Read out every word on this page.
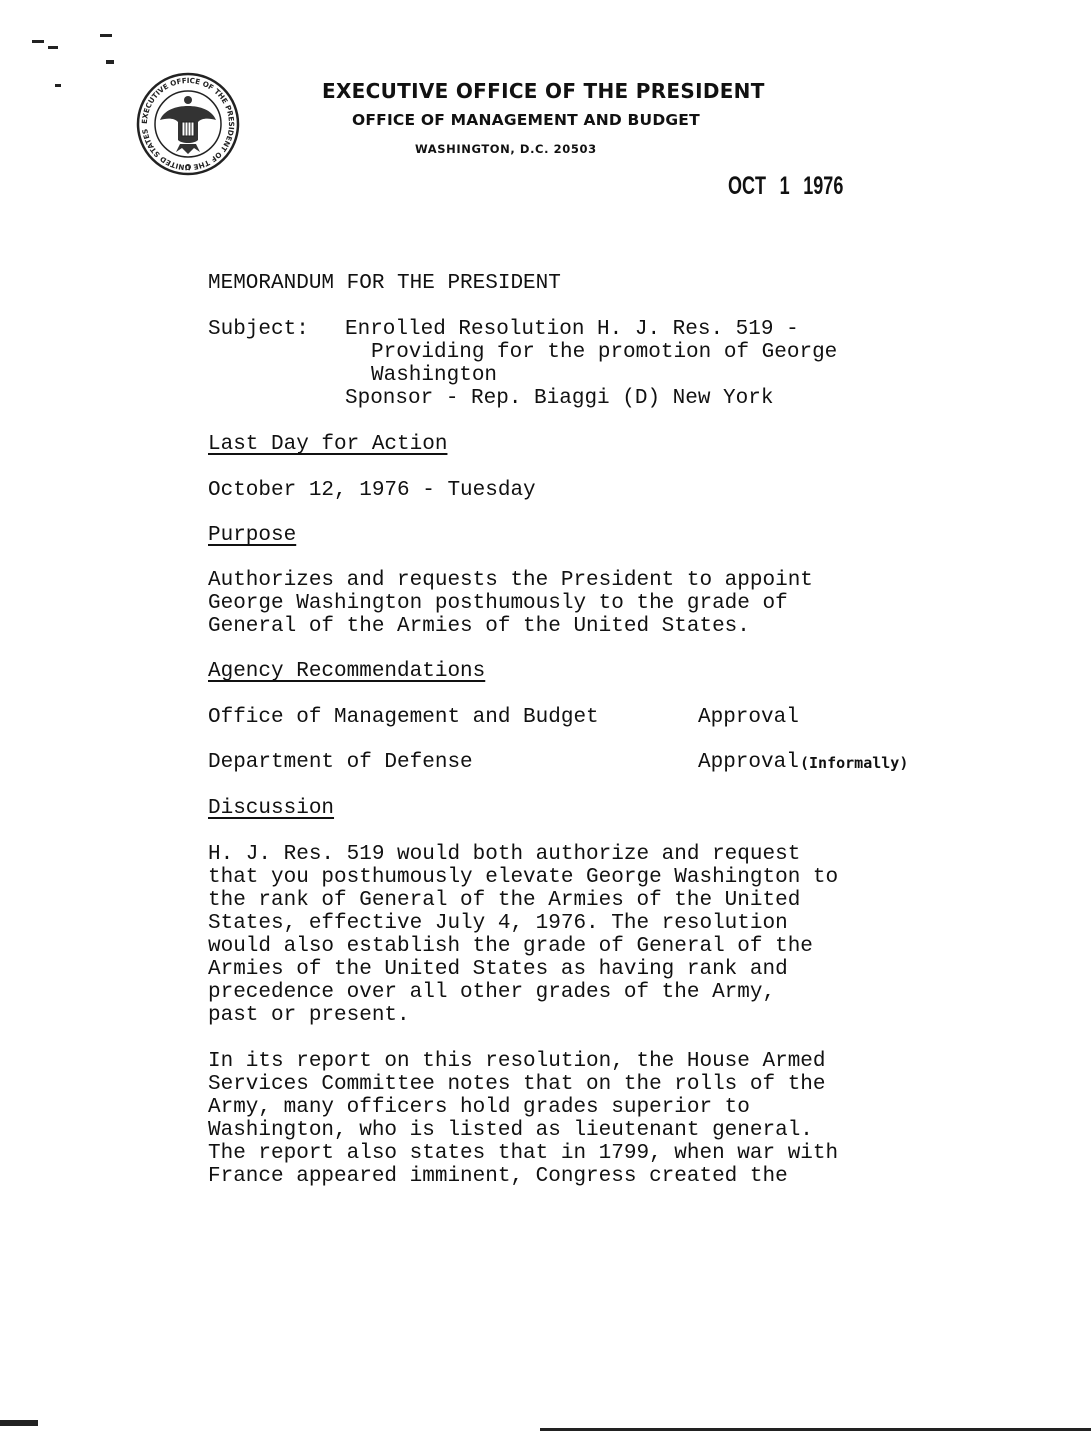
EXECUTIVE OFFICE OF THE PRESIDENT OF THE UNITED STATES
EXECUTIVE OFFICE OF THE PRESIDENT
OFFICE OF MANAGEMENT AND BUDGET
WASHINGTON, D.C. 20503
OCT 1 1976
MEMORANDUM FOR THE PRESIDENT
Subject: Enrolled Resolution H. J. Res. 519 -
Providing for the promotion of George
Washington
Sponsor - Rep. Biaggi (D) New York
Last Day for Action
October 12, 1976 - Tuesday
Purpose
Authorizes and requests the President to appoint
George Washington posthumously to the grade of
General of the Armies of the United States.
Agency Recommendations
Office of Management and Budget	Approval
Department of Defense	Approval (Informally)
Discussion
H. J. Res. 519 would both authorize and request
that you posthumously elevate George Washington to
the rank of General of the Armies of the United
States, effective July 4, 1976. The resolution
would also establish the grade of General of the
Armies of the United States as having rank and
precedence over all other grades of the Army,
past or present.
In its report on this resolution, the House Armed
Services Committee notes that on the rolls of the
Army, many officers hold grades superior to
Washington, who is listed as lieutenant general.
The report also states that in 1799, when war with
France appeared imminent, Congress created the
